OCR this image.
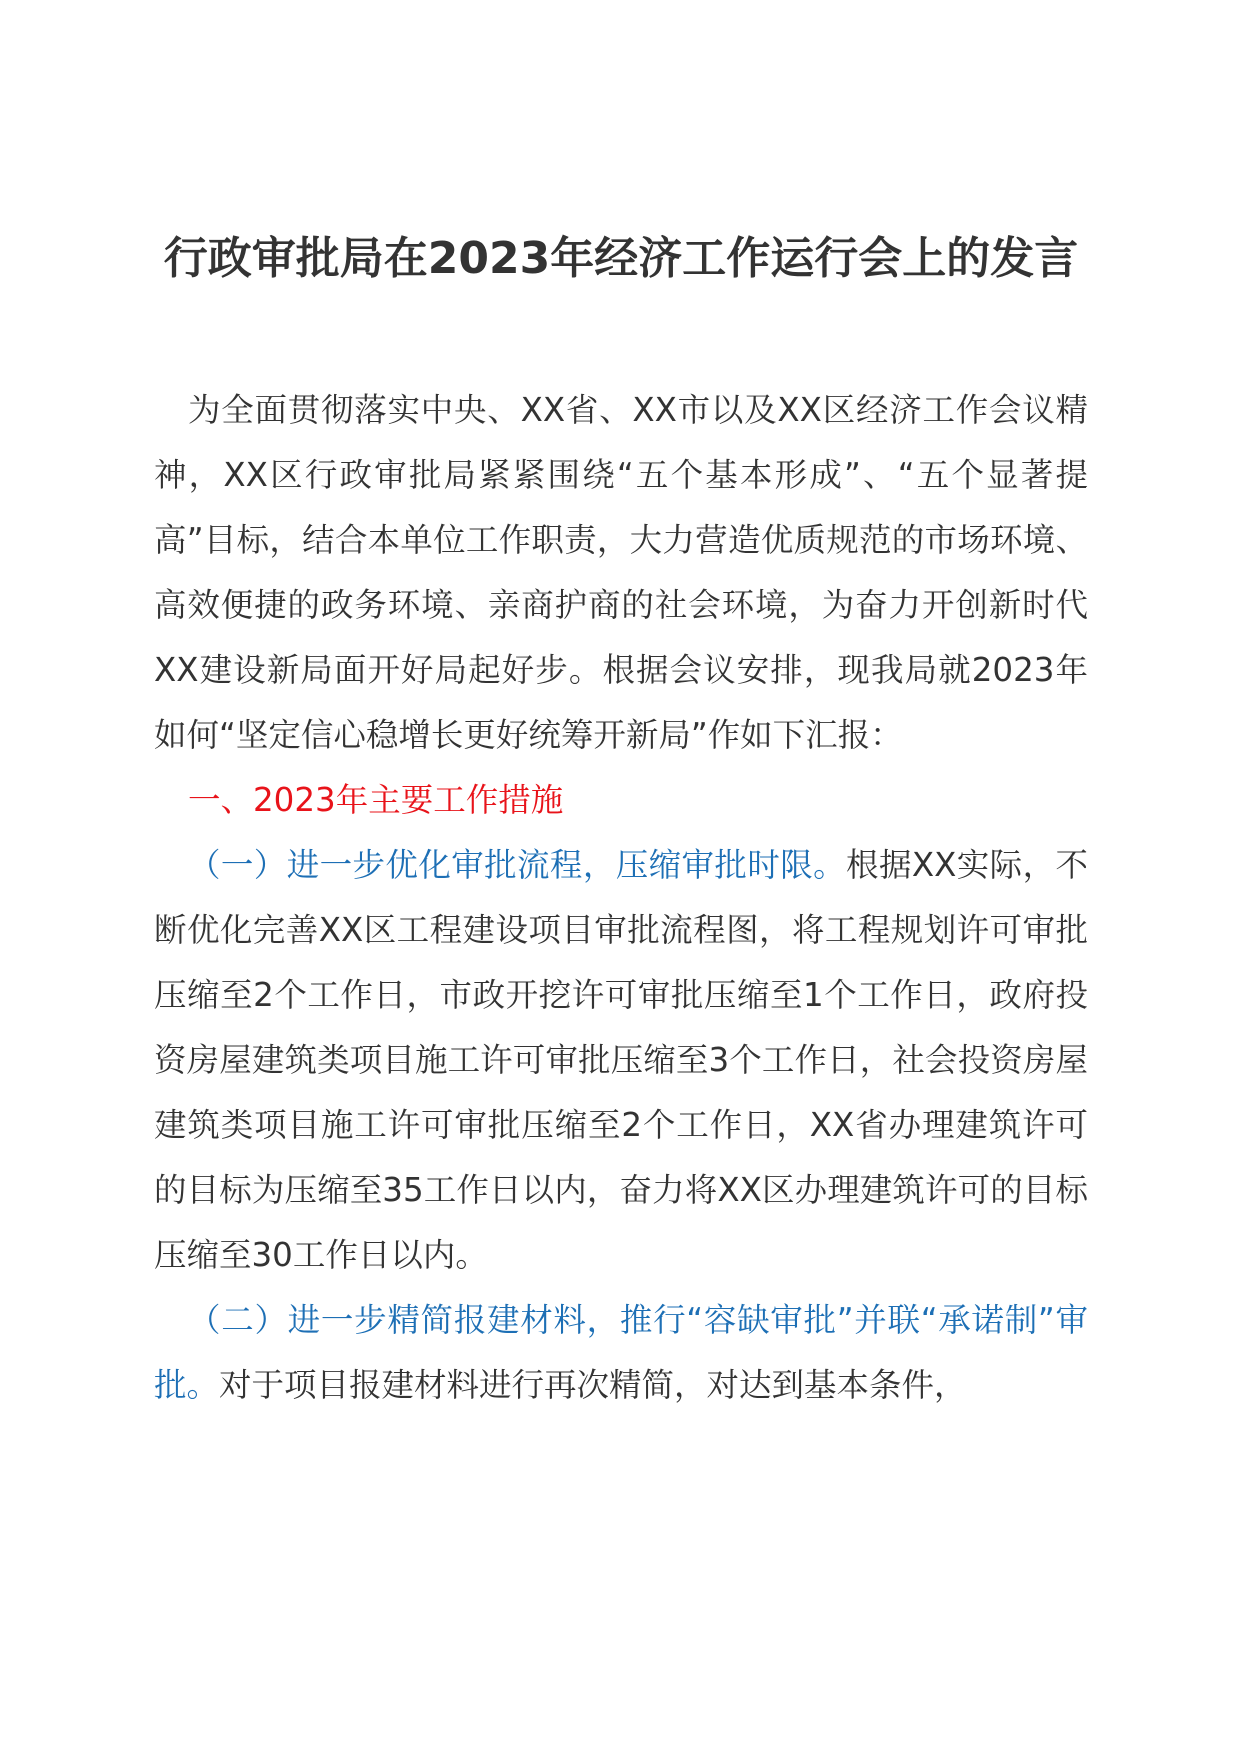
行政审批局在2023年经济工作运行会上的发言

为全面贯彻落实中央、XX省、XX市以及XX区经济工作会议精神，XX区行政审批局紧紧围绕“五个基本形成”、“五个显著提高”目标，结合本单位工作职责，大力营造优质规范的市场环境、高效便捷的政务环境、亲商护商的社会环境，为奋力开创新时代XX建设新局面开好局起好步。根据会议安排，现我局就2023年如何“坚定信心稳增长更好统筹开新局”作如下汇报：

一、2023年主要工作措施

（一）进一步优化审批流程，压缩审批时限。根据XX实际，不断优化完善XX区工程建设项目审批流程图，将工程规划许可审批压缩至2个工作日，市政开挖许可审批压缩至1个工作日，政府投资房屋建筑类项目施工许可审批压缩至3个工作日，社会投资房屋建筑类项目施工许可审批压缩至2个工作日，XX省办理建筑许可的目标为压缩至35工作日以内，奋力将XX区办理建筑许可的目标压缩至30工作日以内。

（二）进一步精简报建材料，推行“容缺审批”并联“承诺制”审批。对于项目报建材料进行再次精简，对达到基本条件，
